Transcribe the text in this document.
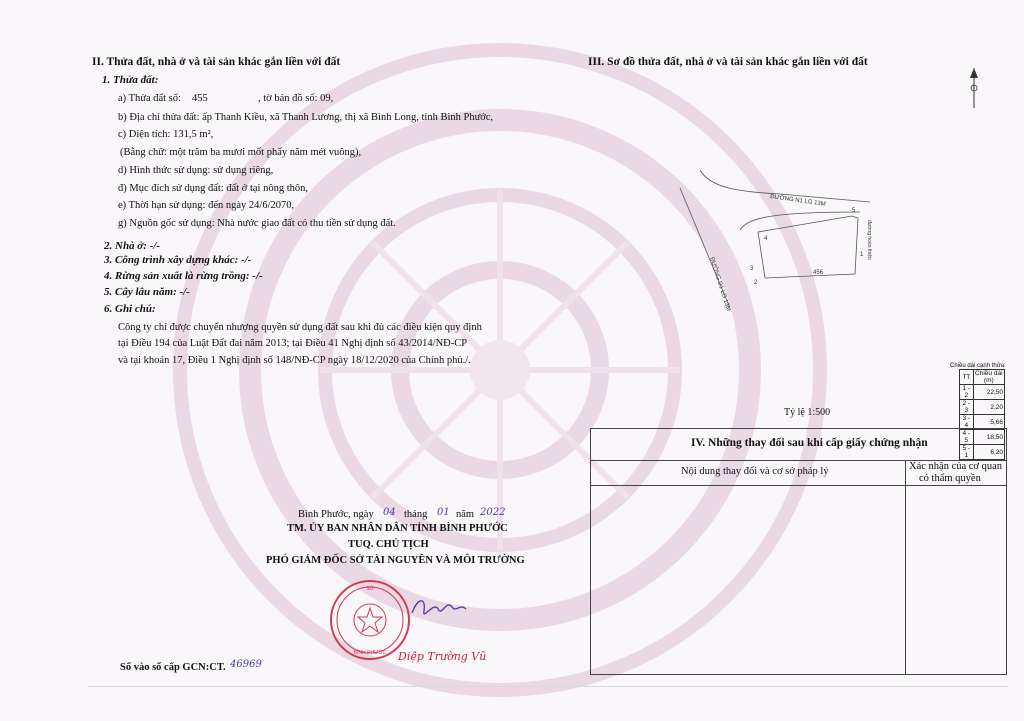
II. Thửa đất, nhà ở và tài sản khác gắn liền với đất
1. Thửa đất:
a) Thửa đất số: 455	, tờ bản đồ số: 09,
b) Địa chỉ thửa đất: ấp Thanh Kiều, xã Thanh Lương, thị xã Bình Long, tỉnh Bình Phước,
c) Diện tích: 131,5 m²,
(Bằng chữ: một trăm ba mươi mốt phẩy năm mét vuông),
d) Hình thức sử dụng: sử dụng riêng,
đ) Mục đích sử dụng đất: đất ở tại nông thôn,
e) Thời hạn sử dụng: đến ngày 24/6/2070,
g) Nguồn gốc sử dụng: Nhà nước giao đất có thu tiền sử dụng đất.
2. Nhà ở: -/-
3. Công trình xây dựng khác: -/-
4. Rừng sản xuất là rừng trồng: -/-
5. Cây lâu năm: -/-
6. Ghi chú:
Công ty chỉ được chuyển nhượng quyền sử dụng đất sau khi đủ các điều kiện quy định
tại Điều 194 của Luật Đất đai năm 2013; tại Điều 41 Nghị định số 43/2014/NĐ-CP
và tại khoản 17, Điều 1 Nghị định số 148/NĐ-CP ngày 18/12/2020 của Chính phủ./.
Bình Phước, ngày 04 tháng 01 năm 2022
TM. ỦY BAN NHÂN DÂN TỈNH BÌNH PHƯỚC
TUQ. CHỦ TỊCH
PHÓ GIÁM ĐỐC SỞ TÀI NGUYÊN VÀ MÔI TRƯỜNG
SỞ
BÌNH PHƯỚC Diệp Trường Vũ
Số vào sổ cấp GCN:CT. 46969
III. Sơ đồ thửa đất, nhà ở và tài sản khác gắn liền với đất
ĐƯỜNG N1 LG 13M
ĐƯỜNG D1 LG 13M
đường hoàn thiện
456
1
2
3
4
5
Tỷ lệ 1:500
Chiều dài cạnh thửa:
TT	Chiều dài (m)
1 - 2	22,50
2 - 3	2,20
3 - 4	5,66
4 - 5	18,50
5 - 1	6,20
IV. Những thay đổi sau khi cấp giấy chứng nhận
Nội dung thay đổi và cơ sở pháp lý	Xác nhận của cơ quan
có thẩm quyền
